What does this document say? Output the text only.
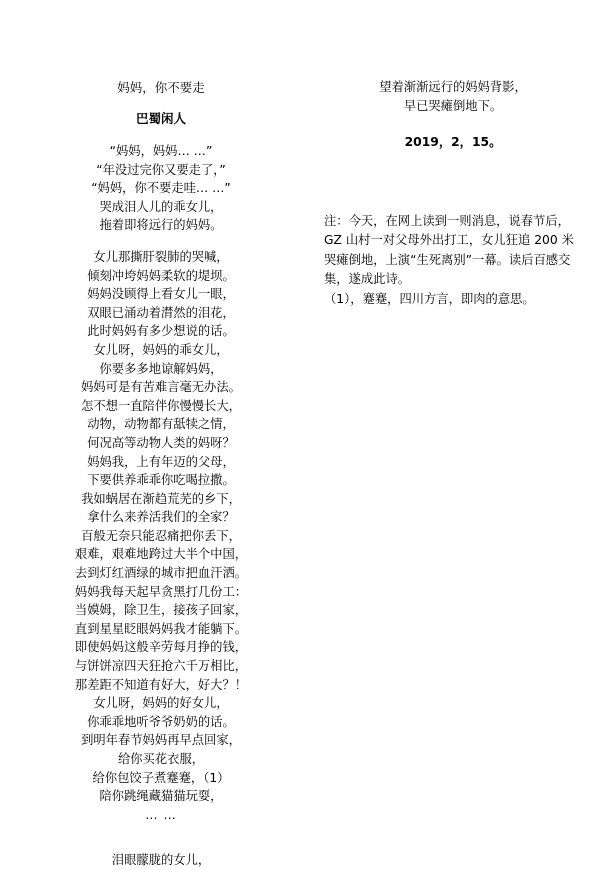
妈妈，你不要走
巴蜀闲人
“妈妈，妈妈… …”
“年没过完你又要走了，”
“妈妈，你不要走哇… …”
哭成泪人儿的乖女儿，
拖着即将远行的妈妈。
女儿那撕肝裂肺的哭喊，
倾刻冲垮妈妈柔软的堤坝。
妈妈没顾得上看女儿一眼，
双眼已涌动着潸然的泪花，
此时妈妈有多少想说的话。
女儿呀，妈妈的乖女儿，
你要多多地谅解妈妈，
妈妈可是有苦难言毫无办法。
怎不想一直陪伴你慢慢长大，
动物，动物都有舐犊之情，
何况高等动物人类的妈呀？
妈妈我，上有年迈的父母，
下要供养乖乖你吃喝拉撒。
我如蜗居在渐趋荒芜的乡下，
拿什么来养活我们的全家？
百般无奈只能忍痛把你丢下，
艰难，艰难地跨过大半个中国，
去到灯红酒绿的城市把血汗洒。
妈妈我每天起早贪黑打几份工：
当嫫姆，除卫生，接孩子回家，
直到星星眨眼妈妈我才能躺下。
即使妈妈这般辛劳每月挣的钱，
与饼饼凉四天狂抢六千万相比，
那差距不知道有好大，好大？！
女儿呀，妈妈的好女儿，
你乖乖地听爷爷奶奶的话。
到明年春节妈妈再早点回家，
给你买花衣服，
给你包饺子煮蹇蹇，（1）
陪你跳绳藏猫猫玩耍，
… …
泪眼朦胧的女儿，
望着渐渐远行的妈妈背影，
早已哭瘫倒地下。
2019，2，15。

注：今天，在网上读到一则消息，说春节后，GZ 山村一对父母外出打工，女儿狂追 200 米哭瘫倒地，上演“生死离别”一幕。读后百感交集，遂成此诗。

（1），蹇蹇，四川方言，即肉的意思。
